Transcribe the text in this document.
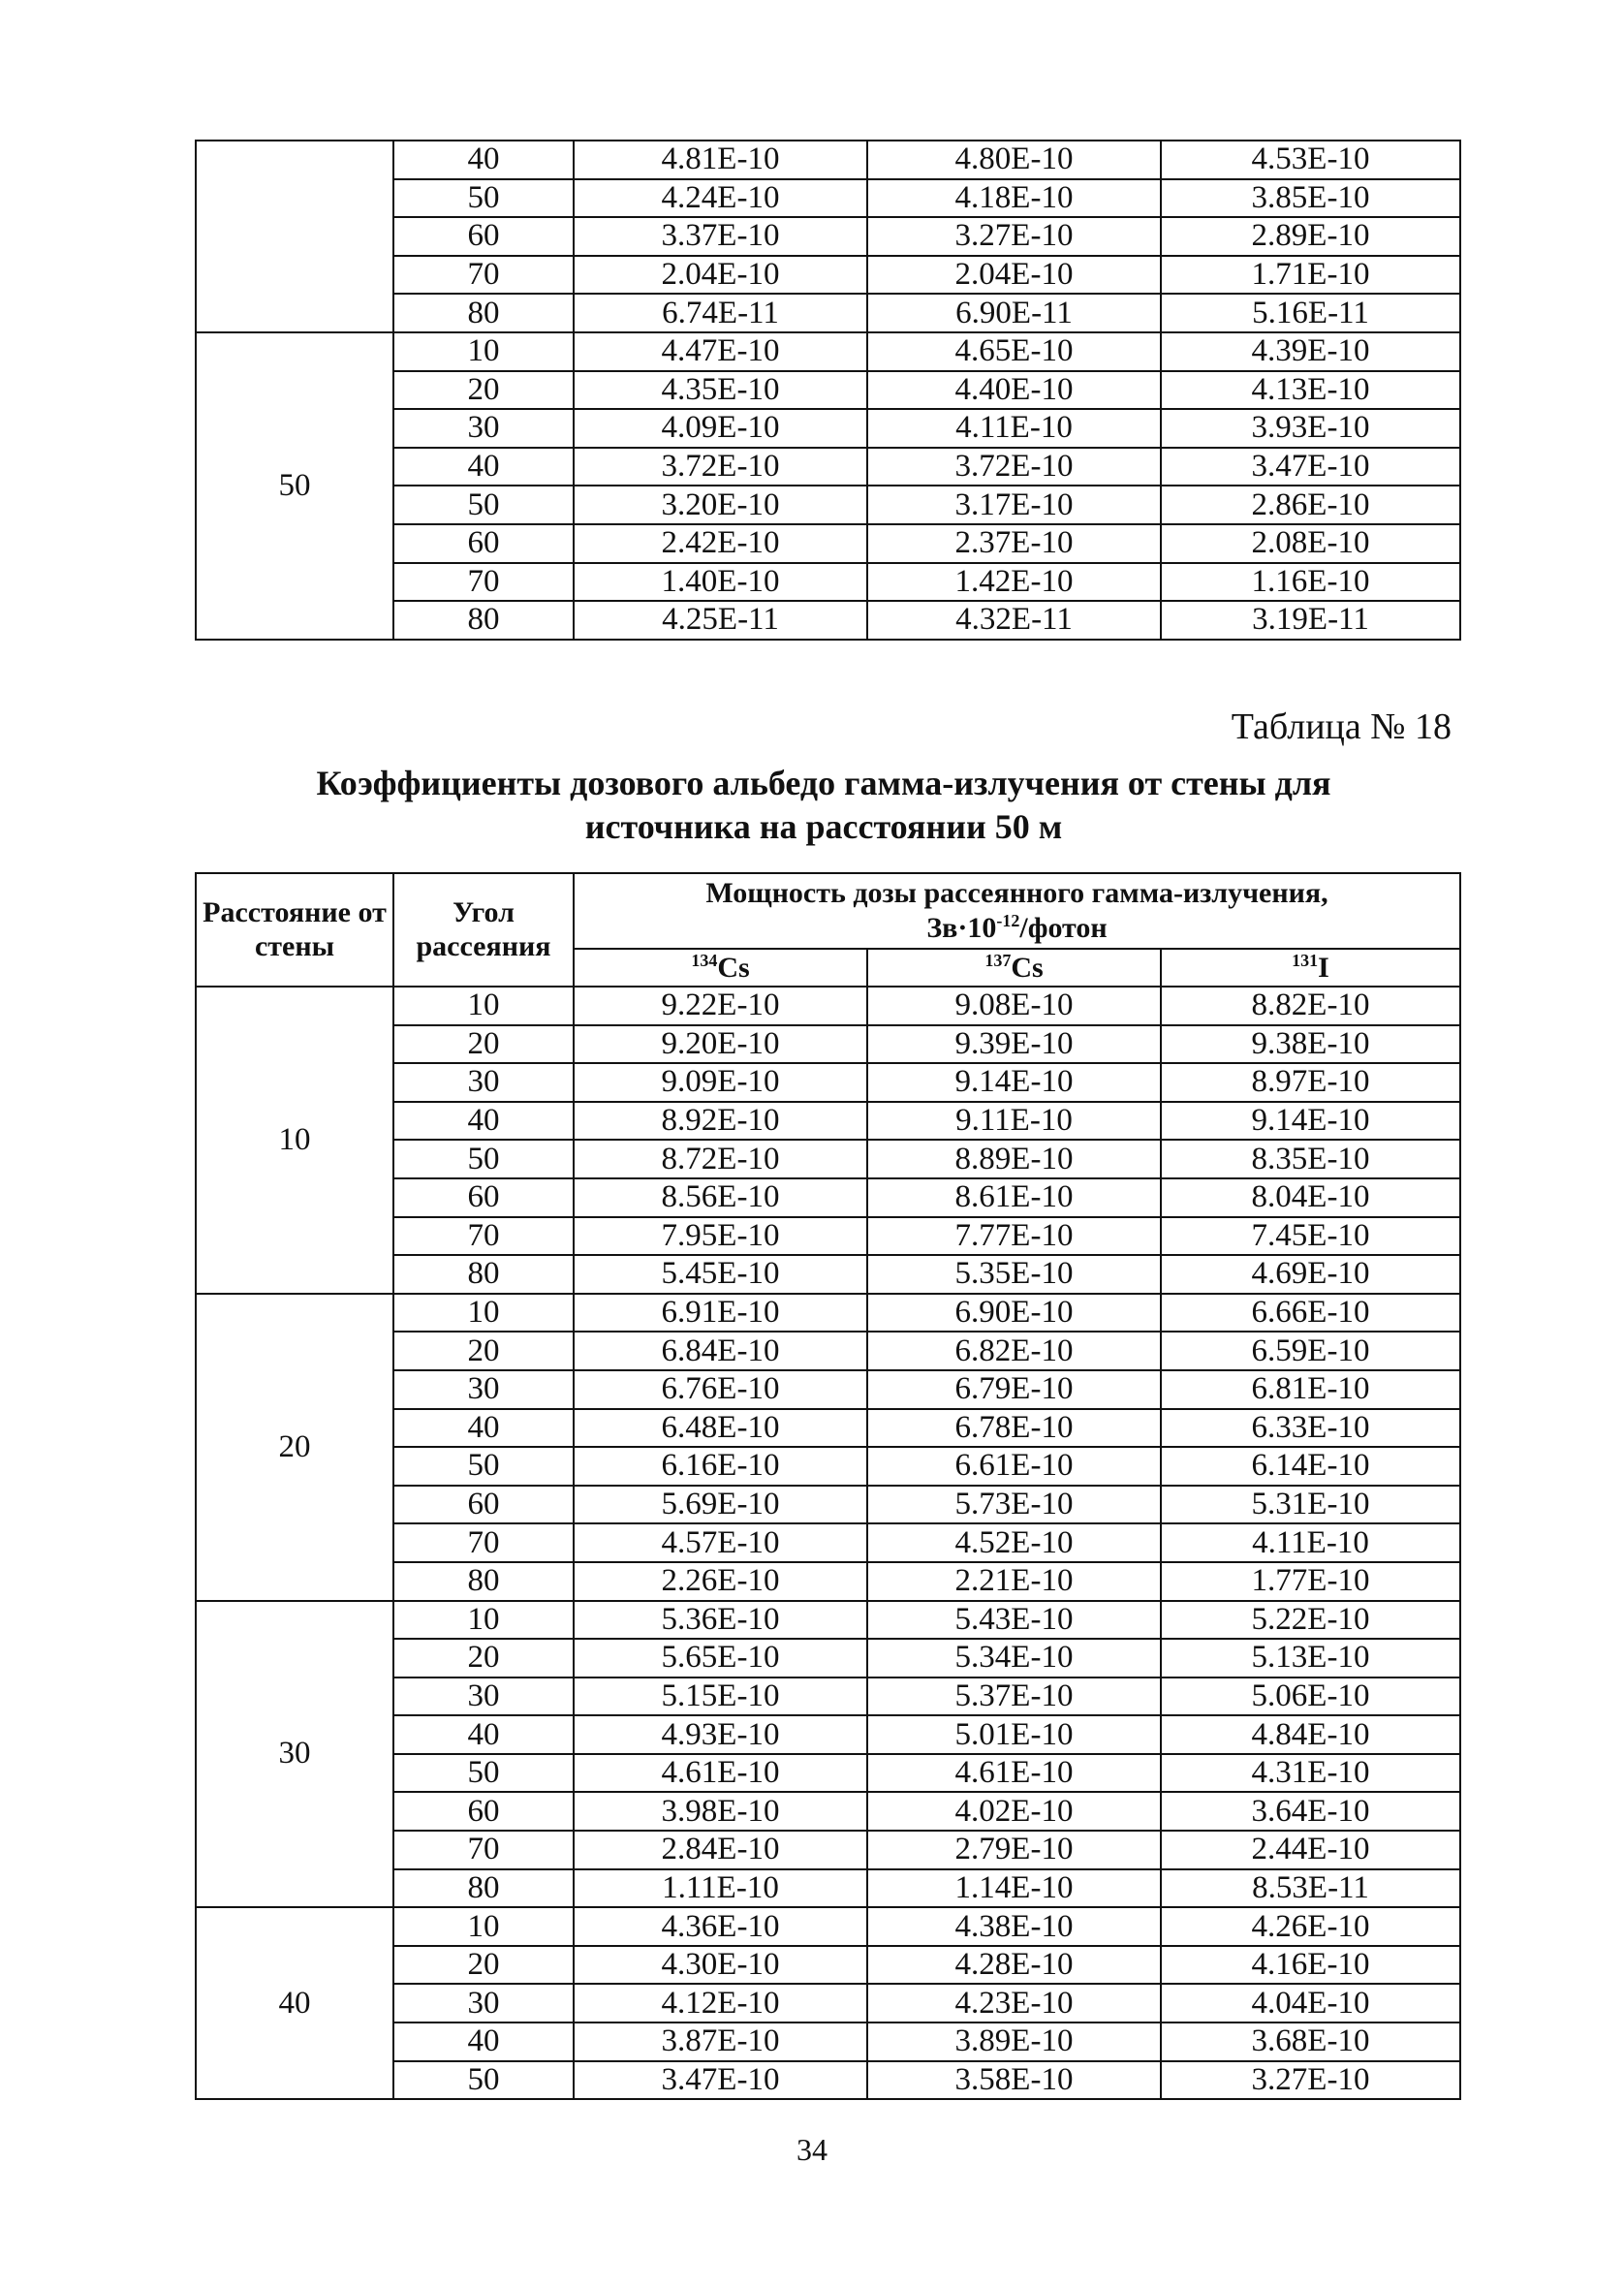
	40	4.81E-10	4.80E-10	4.53E-10
	50	4.24E-10	4.18E-10	3.85E-10
	60	3.37E-10	3.27E-10	2.89E-10
	70	2.04E-10	2.04E-10	1.71E-10
	80	6.74E-11	6.90E-11	5.16E-11
50	10	4.47E-10	4.65E-10	4.39E-10
	20	4.35E-10	4.40E-10	4.13E-10
	30	4.09E-10	4.11E-10	3.93E-10
	40	3.72E-10	3.72E-10	3.47E-10
	50	3.20E-10	3.17E-10	2.86E-10
	60	2.42E-10	2.37E-10	2.08E-10
	70	1.40E-10	1.42E-10	1.16E-10
	80	4.25E-11	4.32E-11	3.19E-11
Таблица № 18
Коэффициенты дозового альбедо гамма-излучения от стены для
источника на расстоянии 50 м
Расстояние от стены	Угол рассеяния	Мощность дозы рассеянного гамма-излучения,
$Зв\cdot 10^{-12}$/фотон		

		$^{134}$Cs	$^{137}$Cs	$^{131}$I
10	10	9.22E-10	9.08E-10	8.82E-10
	20	9.20E-10	9.39E-10	9.38E-10
	30	9.09E-10	9.14E-10	8.97E-10
	40	8.92E-10	9.11E-10	9.14E-10
	50	8.72E-10	8.89E-10	8.35E-10
	60	8.56E-10	8.61E-10	8.04E-10
	70	7.95E-10	7.77E-10	7.45E-10
	80	5.45E-10	5.35E-10	4.69E-10
20	10	6.91E-10	6.90E-10	6.66E-10
	20	6.84E-10	6.82E-10	6.59E-10
	30	6.76E-10	6.79E-10	6.81E-10
	40	6.48E-10	6.78E-10	6.33E-10
	50	6.16E-10	6.61E-10	6.14E-10
	60	5.69E-10	5.73E-10	5.31E-10
	70	4.57E-10	4.52E-10	4.11E-10
	80	2.26E-10	2.21E-10	1.77E-10
30	10	5.36E-10	5.43E-10	5.22E-10
	20	5.65E-10	5.34E-10	5.13E-10
	30	5.15E-10	5.37E-10	5.06E-10
	40	4.93E-10	5.01E-10	4.84E-10
	50	4.61E-10	4.61E-10	4.31E-10
	60	3.98E-10	4.02E-10	3.64E-10
	70	2.84E-10	2.79E-10	2.44E-10
	80	1.11E-10	1.14E-10	8.53E-11
40	10	4.36E-10	4.38E-10	4.26E-10
	20	4.30E-10	4.28E-10	4.16E-10
	30	4.12E-10	4.23E-10	4.04E-10
	40	3.87E-10	3.89E-10	3.68E-10
	50	3.47E-10	3.58E-10	3.27E-10
34
